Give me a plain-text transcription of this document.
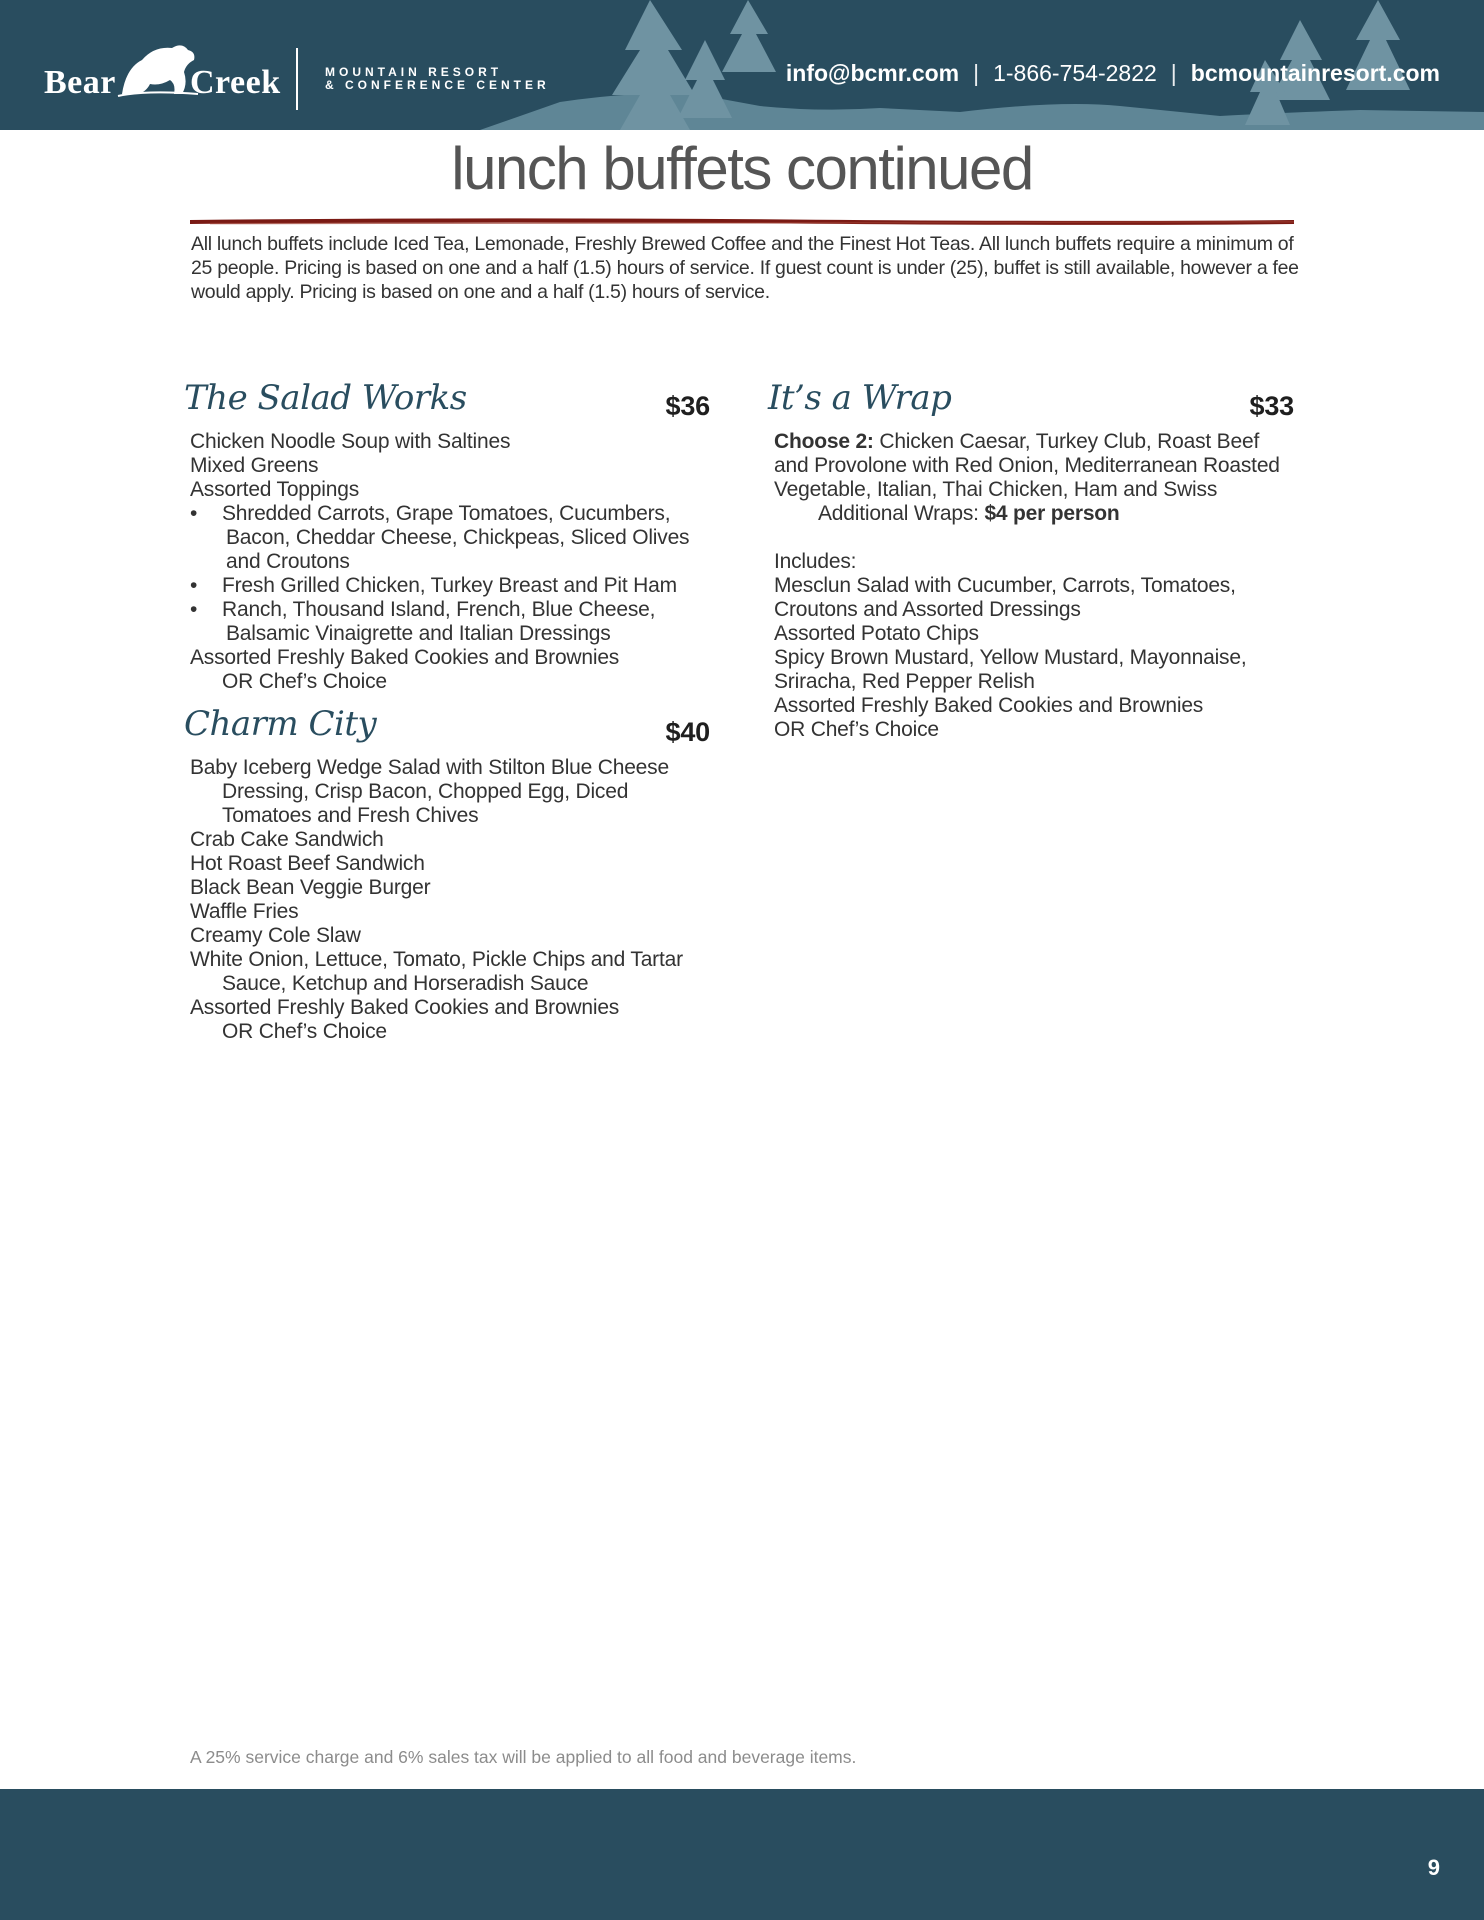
Bear Creek	MOUNTAIN RESORT
& CONFERENCE CENTER	info@bcmr.com | 1-866-754-2822 | bcmountainresort.com
lunch buffets continued
All lunch buffets include Iced Tea, Lemonade, Freshly Brewed Coffee and the Finest Hot Teas. All lunch buffets require a minimum of 25 people. Pricing is based on one and a half (1.5) hours of service. If guest count is under (25), buffet is still available, however a fee would apply. Pricing is based on one and a half (1.5) hours of service.
The Salad Works	$36
Chicken Noodle Soup with Saltines
Mixed Greens
Assorted Toppings
• Shredded Carrots, Grape Tomatoes, Cucumbers,
Bacon, Cheddar Cheese, Chickpeas, Sliced Olives
and Croutons
• Fresh Grilled Chicken, Turkey Breast and Pit Ham
• Ranch, Thousand Island, French, Blue Cheese,
Balsamic Vinaigrette and Italian Dressings
Assorted Freshly Baked Cookies and Brownies
OR Chef’s Choice
Charm City	$40
Baby Iceberg Wedge Salad with Stilton Blue Cheese
Dressing, Crisp Bacon, Chopped Egg, Diced
Tomatoes and Fresh Chives
Crab Cake Sandwich
Hot Roast Beef Sandwich
Black Bean Veggie Burger
Waffle Fries
Creamy Cole Slaw
White Onion, Lettuce, Tomato, Pickle Chips and Tartar
Sauce, Ketchup and Horseradish Sauce
Assorted Freshly Baked Cookies and Brownies
OR Chef’s Choice
It’s a Wrap	$33
Choose 2: Chicken Caesar, Turkey Club, Roast Beef
and Provolone with Red Onion, Mediterranean Roasted
Vegetable, Italian, Thai Chicken, Ham and Swiss
Additional Wraps: $4 per person
Includes:
Mesclun Salad with Cucumber, Carrots, Tomatoes,
Croutons and Assorted Dressings
Assorted Potato Chips
Spicy Brown Mustard, Yellow Mustard, Mayonnaise,
Sriracha, Red Pepper Relish
Assorted Freshly Baked Cookies and Brownies
OR Chef’s Choice
A 25% service charge and 6% sales tax will be applied to all food and beverage items.
9
